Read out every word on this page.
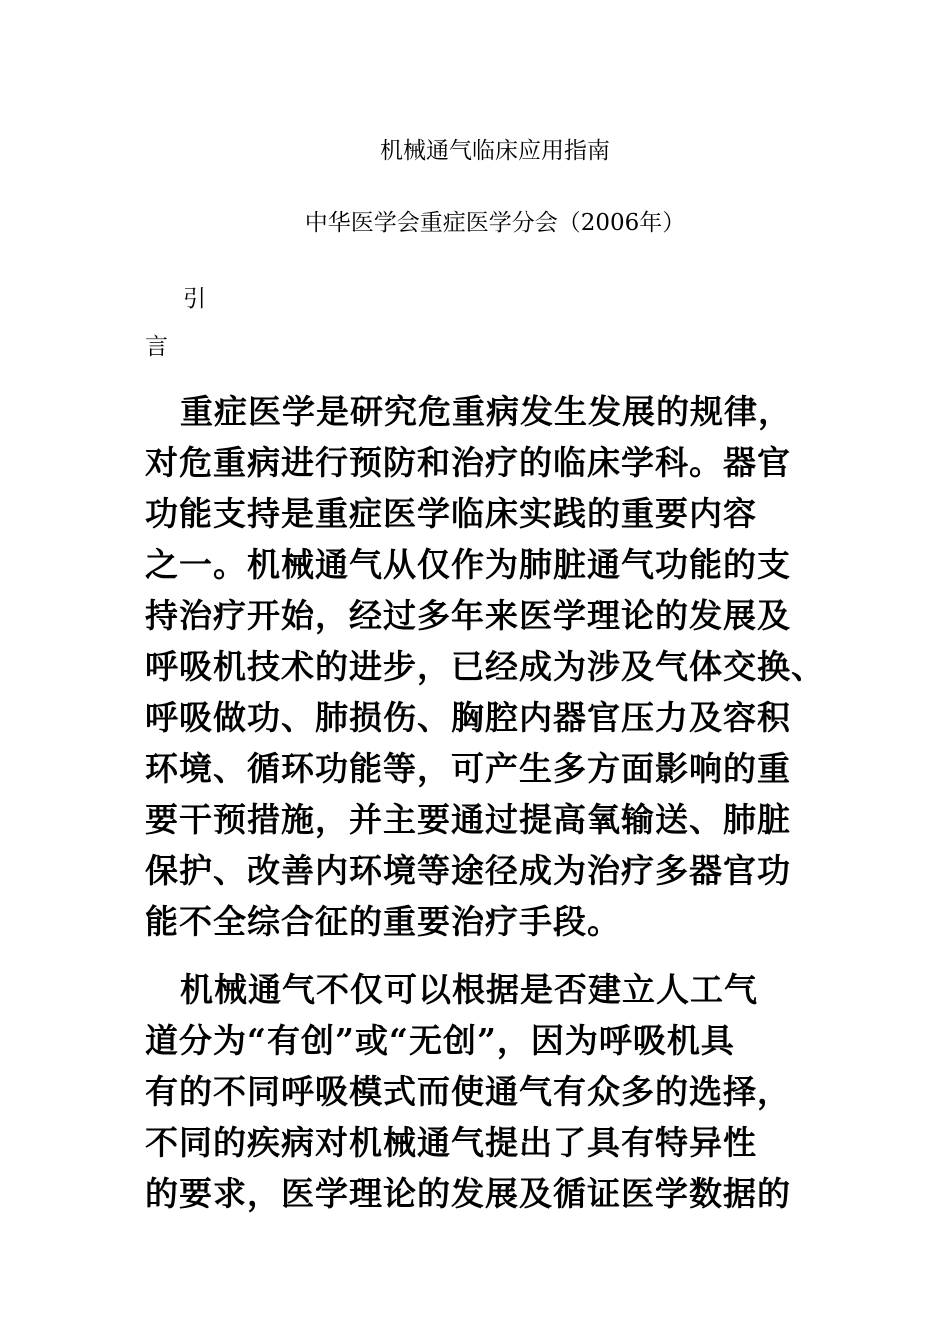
机械通气临床应用指南
中华医学会重症医学分会（2006年）
引
言
重症医学是研究危重病发生发展的规律，
对危重病进行预防和治疗的临床学科。器官
功能支持是重症医学临床实践的重要内容
之一。机械通气从仅作为肺脏通气功能的支
持治疗开始，经过多年来医学理论的发展及
呼吸机技术的进步，已经成为涉及气体交换、
呼吸做功、肺损伤、胸腔内器官压力及容积
环境、循环功能等，可产生多方面影响的重
要干预措施，并主要通过提高氧输送、肺脏
保护、改善内环境等途径成为治疗多器官功
能不全综合征的重要治疗手段。
机械通气不仅可以根据是否建立人工气
道分为“有创”或“无创”，因为呼吸机具
有的不同呼吸模式而使通气有众多的选择，
不同的疾病对机械通气提出了具有特异性
的要求，医学理论的发展及循证医学数据的
